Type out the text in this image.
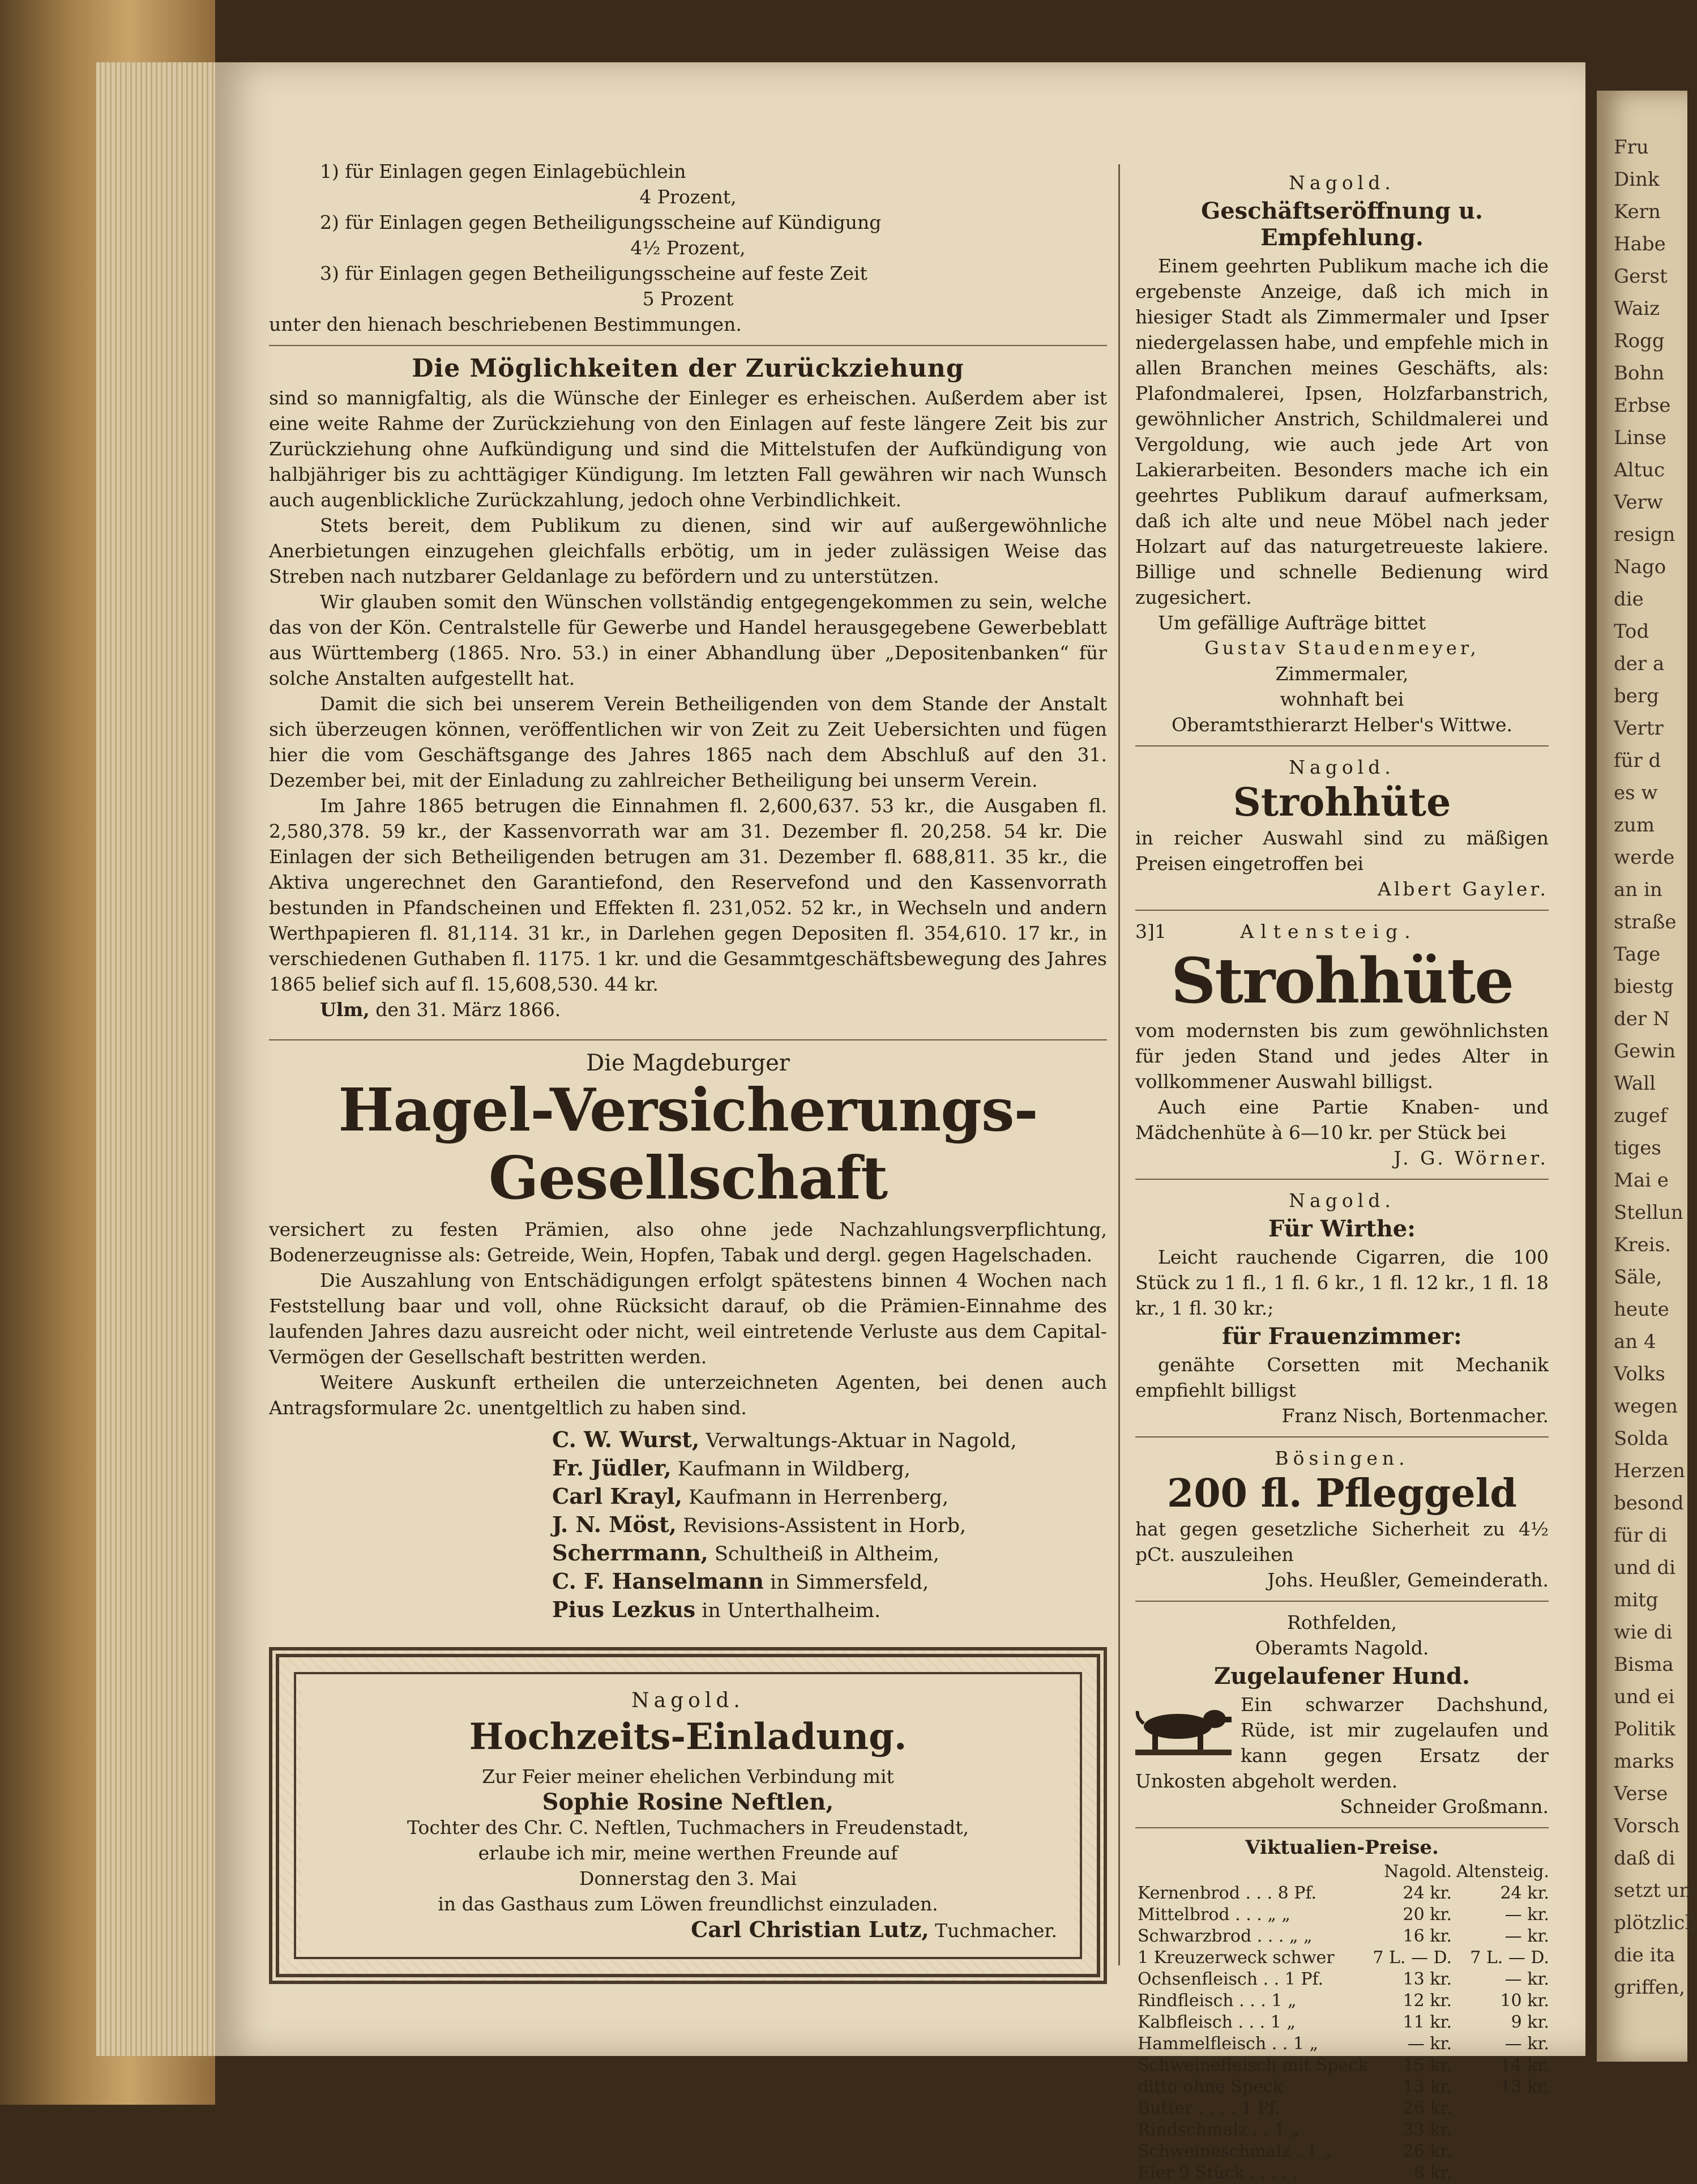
Fru
Dink
Kern
Habe
Gerst
Waiz
Rogg
Bohn
Erbse
Linse
Altuc
Verw
resign
Nago
die
Tod
der a
berg
Vertr
für d
es w
zum
werde
an in
straße
Tage
biestg
der N
Gewin
Wall
zugef
tiges
Mai e
Stellun
Kreis.
Säle,
heute
an 4
Volks
wegen
Solda
Herzen
besond
für di
und di
mitg
wie di
Bisma
und ei
Politik
marks
Verse
Vorsch
daß di
setzt un
plötzlich
die ita
griffen,

1) für Einlagen gegen Einlagebüchlein

4 Prozent,

2) für Einlagen gegen Betheiligungsscheine auf Kündigung

4½ Prozent,

3) für Einlagen gegen Betheiligungsscheine auf feste Zeit

5 Prozent

unter den hienach beschriebenen Bestimmungen.

Die Möglichkeiten der Zurückziehung

sind so mannigfaltig, als die Wünsche der Einleger es erheischen. Außerdem aber ist eine weite Rahme der Zurückziehung von den Einlagen auf feste längere Zeit bis zur Zurückziehung ohne Aufkündigung und sind die Mittelstufen der Aufkündigung von halbjähriger bis zu achttägiger Kündigung. Im letzten Fall gewähren wir nach Wunsch auch augenblickliche Zurückzahlung, jedoch ohne Verbindlichkeit.

Stets bereit, dem Publikum zu dienen, sind wir auf außergewöhnliche Anerbietungen einzugehen gleichfalls erbötig, um in jeder zulässigen Weise das Streben nach nutzbarer Geldanlage zu befördern und zu unterstützen.

Wir glauben somit den Wünschen vollständig entgegengekommen zu sein, welche das von der Kön. Centralstelle für Gewerbe und Handel herausgegebene Gewerbeblatt aus Württemberg (1865. Nro. 53.) in einer Abhandlung über „Depositenbanken“ für solche Anstalten aufgestellt hat.

Damit die sich bei unserem Verein Betheiligenden von dem Stande der Anstalt sich überzeugen können, veröffentlichen wir von Zeit zu Zeit Uebersichten und fügen hier die vom Geschäftsgange des Jahres 1865 nach dem Abschluß auf den 31. Dezember bei, mit der Einladung zu zahlreicher Betheiligung bei unserm Verein.

Im Jahre 1865 betrugen die Einnahmen fl. 2,600,637. 53 kr., die Ausgaben fl. 2,580,378. 59 kr., der Kassenvorrath war am 31. Dezember fl. 20,258. 54 kr. Die Einlagen der sich Betheiligenden betrugen am 31. Dezember fl. 688,811. 35 kr., die Aktiva ungerechnet den Garantiefond, den Reservefond und den Kassenvorrath bestunden in Pfandscheinen und Effekten fl. 231,052. 52 kr., in Wechseln und andern Werthpapieren fl. 81,114. 31 kr., in Darlehen gegen Depositen fl. 354,610. 17 kr., in verschiedenen Guthaben fl. 1175. 1 kr. und die Gesammtgeschäftsbewegung des Jahres 1865 belief sich auf fl. 15,608,530. 44 kr.

Ulm, den 31. März 1866.

Die Magdeburger

Hagel-Versicherungs-Gesellschaft

versichert zu festen Prämien, also ohne jede Nachzahlungsverpflichtung, Bodenerzeugnisse als: Getreide, Wein, Hopfen, Tabak und dergl. gegen Hagelschaden.

Die Auszahlung von Entschädigungen erfolgt spätestens binnen 4 Wochen nach Feststellung baar und voll, ohne Rücksicht darauf, ob die Prämien-Einnahme des laufenden Jahres dazu ausreicht oder nicht, weil eintretende Verluste aus dem Capital-Vermögen der Gesellschaft bestritten werden.

Weitere Auskunft ertheilen die unterzeichneten Agenten, bei denen auch Antragsformulare 2c. unentgeltlich zu haben sind.

C. W. Wurst, Verwaltungs-Aktuar in Nagold,
Fr. Jüdler, Kaufmann in Wildberg,
Carl Krayl, Kaufmann in Herrenberg,
J. N. Möst, Revisions-Assistent in Horb,
Scherrmann, Schultheiß in Altheim,
C. F. Hanselmann in Simmersfeld,
Pius Lezkus in Unterthalheim.

Nagold.

Hochzeits-Einladung.

Zur Feier meiner ehelichen Verbindung mit

Sophie Rosine Neftlen,

Tochter des Chr. C. Neftlen, Tuchmachers in Freudenstadt,

erlaube ich mir, meine werthen Freunde auf

Donnerstag den 3. Mai

in das Gasthaus zum Löwen freundlichst einzuladen.

Carl Christian Lutz, Tuchmacher.

Nagold.

Geschäftseröffnung u. Empfehlung.

Einem geehrten Publikum mache ich die ergebenste Anzeige, daß ich mich in hiesiger Stadt als Zimmermaler und Ipser niedergelassen habe, und empfehle mich in allen Branchen meines Geschäfts, als: Plafondmalerei, Ipsen, Holzfarbanstrich, gewöhnlicher Anstrich, Schildmalerei und Vergoldung, wie auch jede Art von Lakierarbeiten. Besonders mache ich ein geehrtes Publikum darauf aufmerksam, daß ich alte und neue Möbel nach jeder Holzart auf das naturgetreueste lakiere. Billige und schnelle Bedienung wird zugesichert.

Um gefällige Aufträge bittet

Gustav Staudenmeyer,

Zimmermaler,

wohnhaft bei

Oberamtsthierarzt Helber's Wittwe.

Nagold.

Strohhüte

in reicher Auswahl sind zu mäßigen Preisen eingetroffen bei

Albert Gayler.

3]1	Altensteig.

Strohhüte

vom modernsten bis zum gewöhnlichsten für jeden Stand und jedes Alter in vollkommener Auswahl billigst.

Auch eine Partie Knaben- und Mädchenhüte à 6—10 kr. per Stück bei

J. G. Wörner.

Nagold.

Für Wirthe:

Leicht rauchende Cigarren, die 100 Stück zu 1 fl., 1 fl. 6 kr., 1 fl. 12 kr., 1 fl. 18 kr., 1 fl. 30 kr.;

für Frauenzimmer:

genähte Corsetten mit Mechanik empfiehlt billigst

Franz Nisch, Bortenmacher.

Bösingen.

200 fl. Pfleggeld

hat gegen gesetzliche Sicherheit zu 4½ pCt. auszuleihen

Johs. Heußler, Gemeinderath.

Rothfelden,

Oberamts Nagold.

Zugelaufener Hund.

Ein schwarzer Dachshund, Rüde, ist mir zugelaufen und kann gegen Ersatz der Unkosten abgeholt werden.

Schneider Großmann.

Viktualien-Preise.
	Nagold.	Altensteig.
Kernenbrod . . . 8 Pf.	24 kr.	24 kr.
Mittelbrod . . . „ „	20 kr.	— kr.
Schwarzbrod . . . „ „	16 kr.	— kr.
1 Kreuzerweck schwer	7 L. — D.	7 L. — D.
Ochsenfleisch . . 1 Pf.	13 kr.	— kr.
Rindfleisch . . . 1 „	12 kr.	10 kr.
Kalbfleisch . . . 1 „	11 kr.	9 kr.
Hammelfleisch . . 1 „	— kr.	— kr.
Schweinefleisch mit Speck	15 kr.	14 kr.
ditto ohne Speck	13 kr.	13 kr.
Butter . . . . 1 Pf.	26 kr.	
Rindschmalz . . 1 „	33 kr.	
Schweineschmalz . 1 „	26 kr.	
Eier 9 Stück . . . . .	8 kr.	
